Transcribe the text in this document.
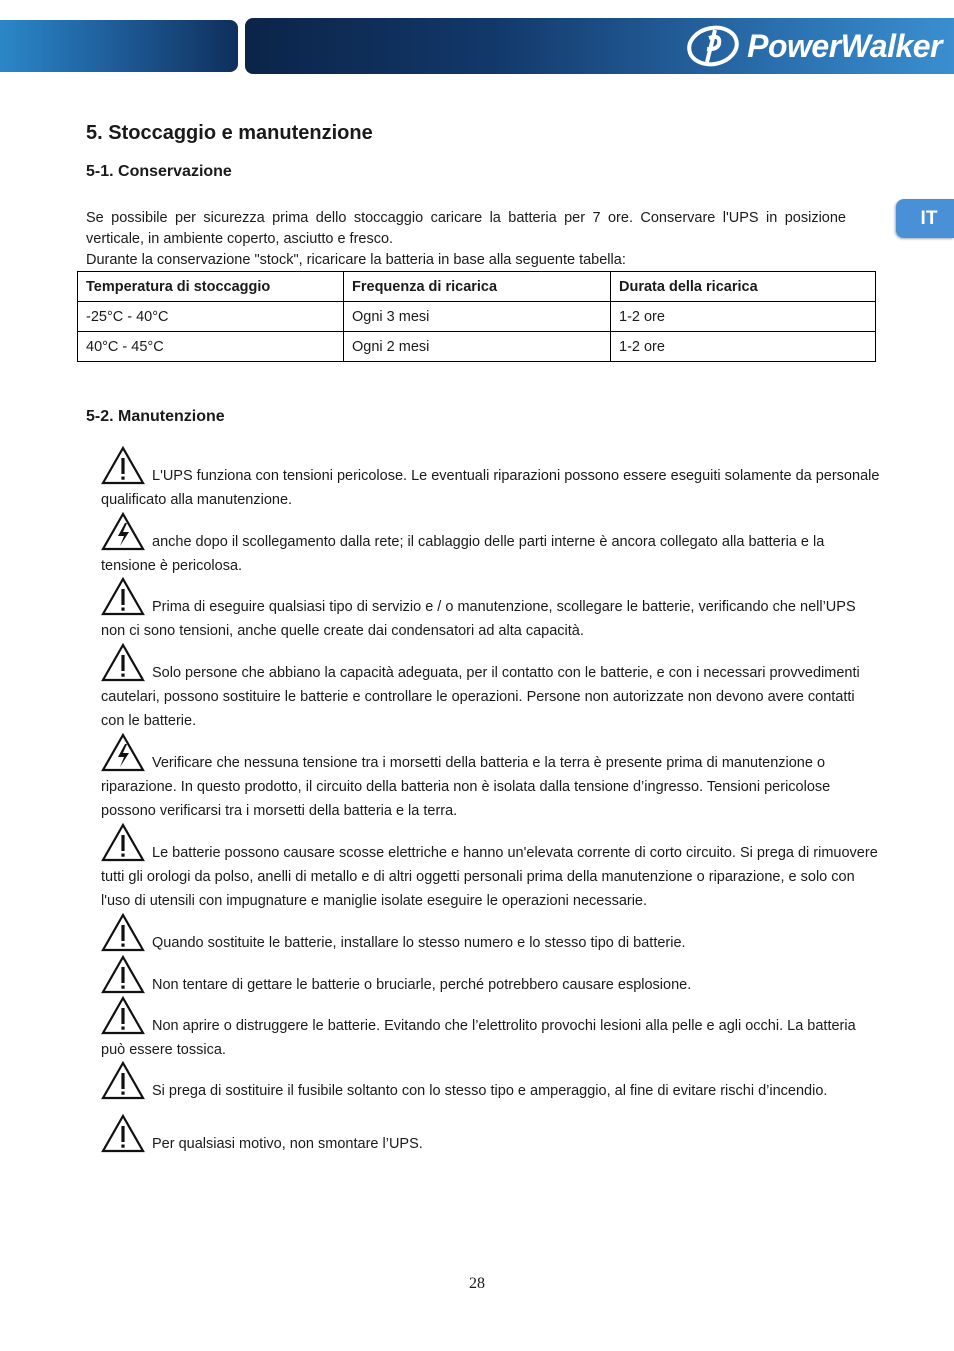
PowerWalker
IT
5. Stoccaggio e manutenzione
5-1. Conservazione

Se possibile per sicurezza prima dello stoccaggio caricare la batteria per 7 ore. Conservare l'UPS in posizione verticale, in ambiente coperto, asciutto e fresco.

Durante la conservazione "stock", ricaricare la batteria in base alla seguente tabella:

Temperatura di stoccaggio	Frequenza di ricarica	Durata della ricarica
-25°C - 40°C	Ogni 3 mesi	1-2 ore
40°C - 45°C	Ogni 2 mesi	1-2 ore
5-2. Manutenzione
L'UPS funziona con tensioni pericolose. Le eventuali riparazioni possono essere eseguiti solamente da personale qualificato alla manutenzione.
anche dopo il scollegamento dalla rete; il cablaggio delle parti interne è ancora collegato alla batteria e la tensione è pericolosa.
Prima di eseguire qualsiasi tipo di servizio e / o manutenzione, scollegare le batterie, verificando che nell’UPS non ci sono tensioni, anche quelle create dai condensatori ad alta capacità.
Solo persone che abbiano la capacità adeguata, per il contatto con le batterie, e con i necessari provvedimenti cautelari, possono sostituire le batterie e controllare le operazioni. Persone non autorizzate non devono avere contatti con le batterie.
Verificare che nessuna tensione tra i morsetti della batteria e la terra è presente prima di manutenzione o riparazione. In questo prodotto, il circuito della batteria non è isolata dalla tensione d’ingresso. Tensioni pericolose possono verificarsi tra i morsetti della batteria e la terra.
Le batterie possono causare scosse elettriche e hanno un'elevata corrente di corto circuito. Si prega di rimuovere tutti gli orologi da polso, anelli di metallo e di altri oggetti personali prima della manutenzione o riparazione, e solo con l'uso di utensili con impugnature e maniglie isolate eseguire le operazioni necessarie.
Quando sostituite le batterie, installare lo stesso numero e lo stesso tipo di batterie.
Non tentare di gettare le batterie o bruciarle, perché potrebbero causare esplosione.
Non aprire o distruggere le batterie. Evitando che l’elettrolito provochi lesioni alla pelle e agli occhi. La batteria può essere tossica.
Si prega di sostituire il fusibile soltanto con lo stesso tipo e amperaggio, al fine di evitare rischi d’incendio.
Per qualsiasi motivo, non smontare l’UPS.
28
